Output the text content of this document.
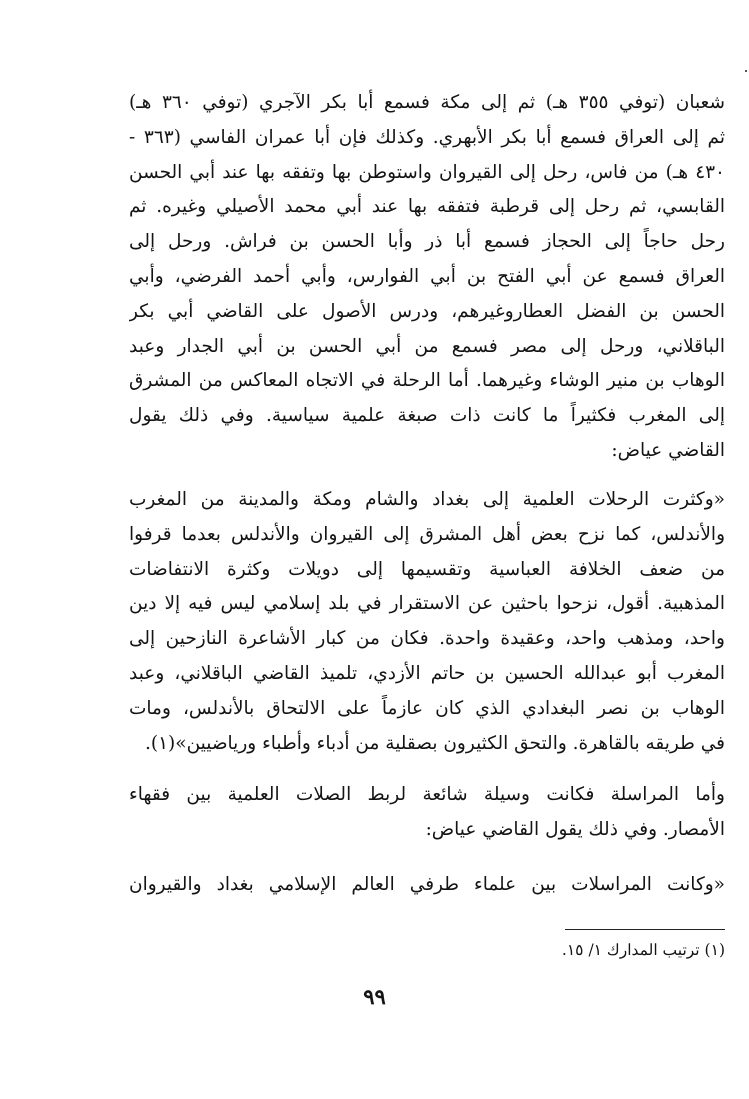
شعبان (توفي ٣٥٥ هـ) ثم إلى مكة فسمع أبا بكر الآجري (توفي ٣٦٠ هـ)
ثم إلى العراق فسمع أبا بكر الأبهري. وكذلك فإن أبا عمران الفاسي (٣٦٣ -
٤٣٠ هـ) من فاس، رحل إلى القيروان واستوطن بها وتفقه بها عند أبي الحسن
القابسي، ثم رحل إلى قرطبة فتفقه بها عند أبي محمد الأصيلي وغيره. ثم
رحل حاجاً إلى الحجاز فسمع أبا ذر وأبا الحسن بن فراش. ورحل إلى
العراق فسمع عن أبي الفتح بن أبي الفوارس، وأبي أحمد الفرضي، وأبي
الحسن بن الفضل العطاروغيرهم، ودرس الأصول على القاضي أبي بكر
الباقلاني، ورحل إلى مصر فسمع من أبي الحسن بن أبي الجدار وعبد
الوهاب بن منير الوشاء وغيرهما. أما الرحلة في الاتجاه المعاكس من المشرق
إلى المغرب فكثيراً ما كانت ذات صبغة علمية سياسية. وفي ذلك يقول
القاضي عياض:
«وكثرت الرحلات العلمية إلى بغداد والشام ومكة والمدينة من المغرب
والأندلس، كما نزح بعض أهل المشرق إلى القيروان والأندلس بعدما قرفوا
من ضعف الخلافة العباسية وتقسيمها إلى دويلات وكثرة الانتفاضات
المذهبية. أقول، نزحوا باحثين عن الاستقرار في بلد إسلامي ليس فيه إلا دين
واحد، ومذهب واحد، وعقيدة واحدة. فكان من كبار الأشاعرة النازحين إلى
المغرب أبو عبدالله الحسين بن حاتم الأزدي، تلميذ القاضي الباقلاني، وعبد
الوهاب بن نصر البغدادي الذي كان عازماً على الالتحاق بالأندلس، ومات
في طريقه بالقاهرة. والتحق الكثيرون بصقلية من أدباء وأطباء ورياضيين»(١).
وأما المراسلة فكانت وسيلة شائعة لربط الصلات العلمية بين فقهاء
الأمصار. وفي ذلك يقول القاضي عياض:
«وكانت المراسلات بين علماء طرفي العالم الإسلامي بغداد والقيروان
(١) ترتيب المدارك ١/ ١٥.
٩٩
